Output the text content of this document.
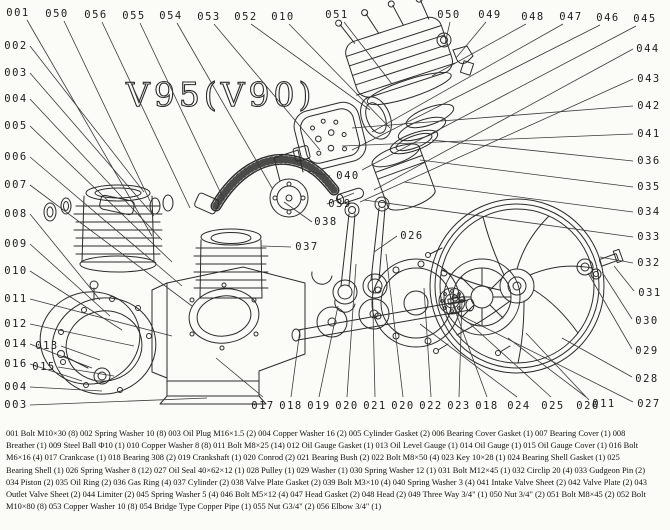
V95(V90)
001 050 056 055 054 053 052 010	051	050 049 048 047 046 045
044
043
042
041
036
035
034
033
032
031
030
029
028
027
011
017 018 019 020 021 020 022 023 018 024 025 026
002
003
004
005
006
007
008
009
010
011
012
014 013
016 015
004
003
040
039
038
037
026
001 Bolt M10×30 (8) 002 Spring Washer 10 (8) 003 Oil Plug M16×1.5 (2) 004 Copper Washer 16 (2) 005 Cylinder Gasket (2) 006 Bearing Cover Gasket (1) 007 Bearing Cover (1) 008
Breather (1) 009 Steel Ball Φ10 (1) 010 Copper Washer 8 (8) 011 Bolt M8×25 (14) 012 Oil Gauge Gasket (1) 013 Oil Level Gauge (1) 014 Oil Gauge (1) 015 Oil Gauge Cover (1) 016 Bolt
M6×16 (4) 017 Crankcase (1) 018 Bearing 308 (2) 019 Crankshaft (1) 020 Conrod (2) 021 Bearing Bush (2) 022 Bolt M8×50 (4) 023 Key 10×28 (1) 024 Bearing Shell Gasket (1) 025
Bearing Shell (1) 026 Spring Washer 8 (12) 027 Oil Seal 40×62×12 (1) 028 Pulley (1) 029 Washer (1) 030 Spring Washer 12 (1) 031 Bolt M12×45 (1) 032 Circlip 20 (4) 033 Gudgeon Pin (2)
034 Piston (2) 035 Oil Ring (2) 036 Gas Ring (4) 037 Cylinder (2) 038 Valve Plate Gasket (2) 039 Bolt M3×10 (4) 040 Spring Washer 3 (4) 041 Intake Valve Sheet (2) 042 Valve Plate (2) 043
Outlet Valve Sheet (2) 044 Limiter (2) 045 Spring Washer 5 (4) 046 Bolt M5×12 (4) 047 Head Gasket (2) 048 Head (2) 049 Three Way 3/4" (1) 050 Nut 3/4" (2) 051 Bolt M8×45 (2) 052 Bolt
M10×80 (8) 053 Copper Washer 10 (8) 054 Bridge Type Copper Pipe (1) 055 Nut G3/4" (2) 056 Elbow 3/4" (1)
